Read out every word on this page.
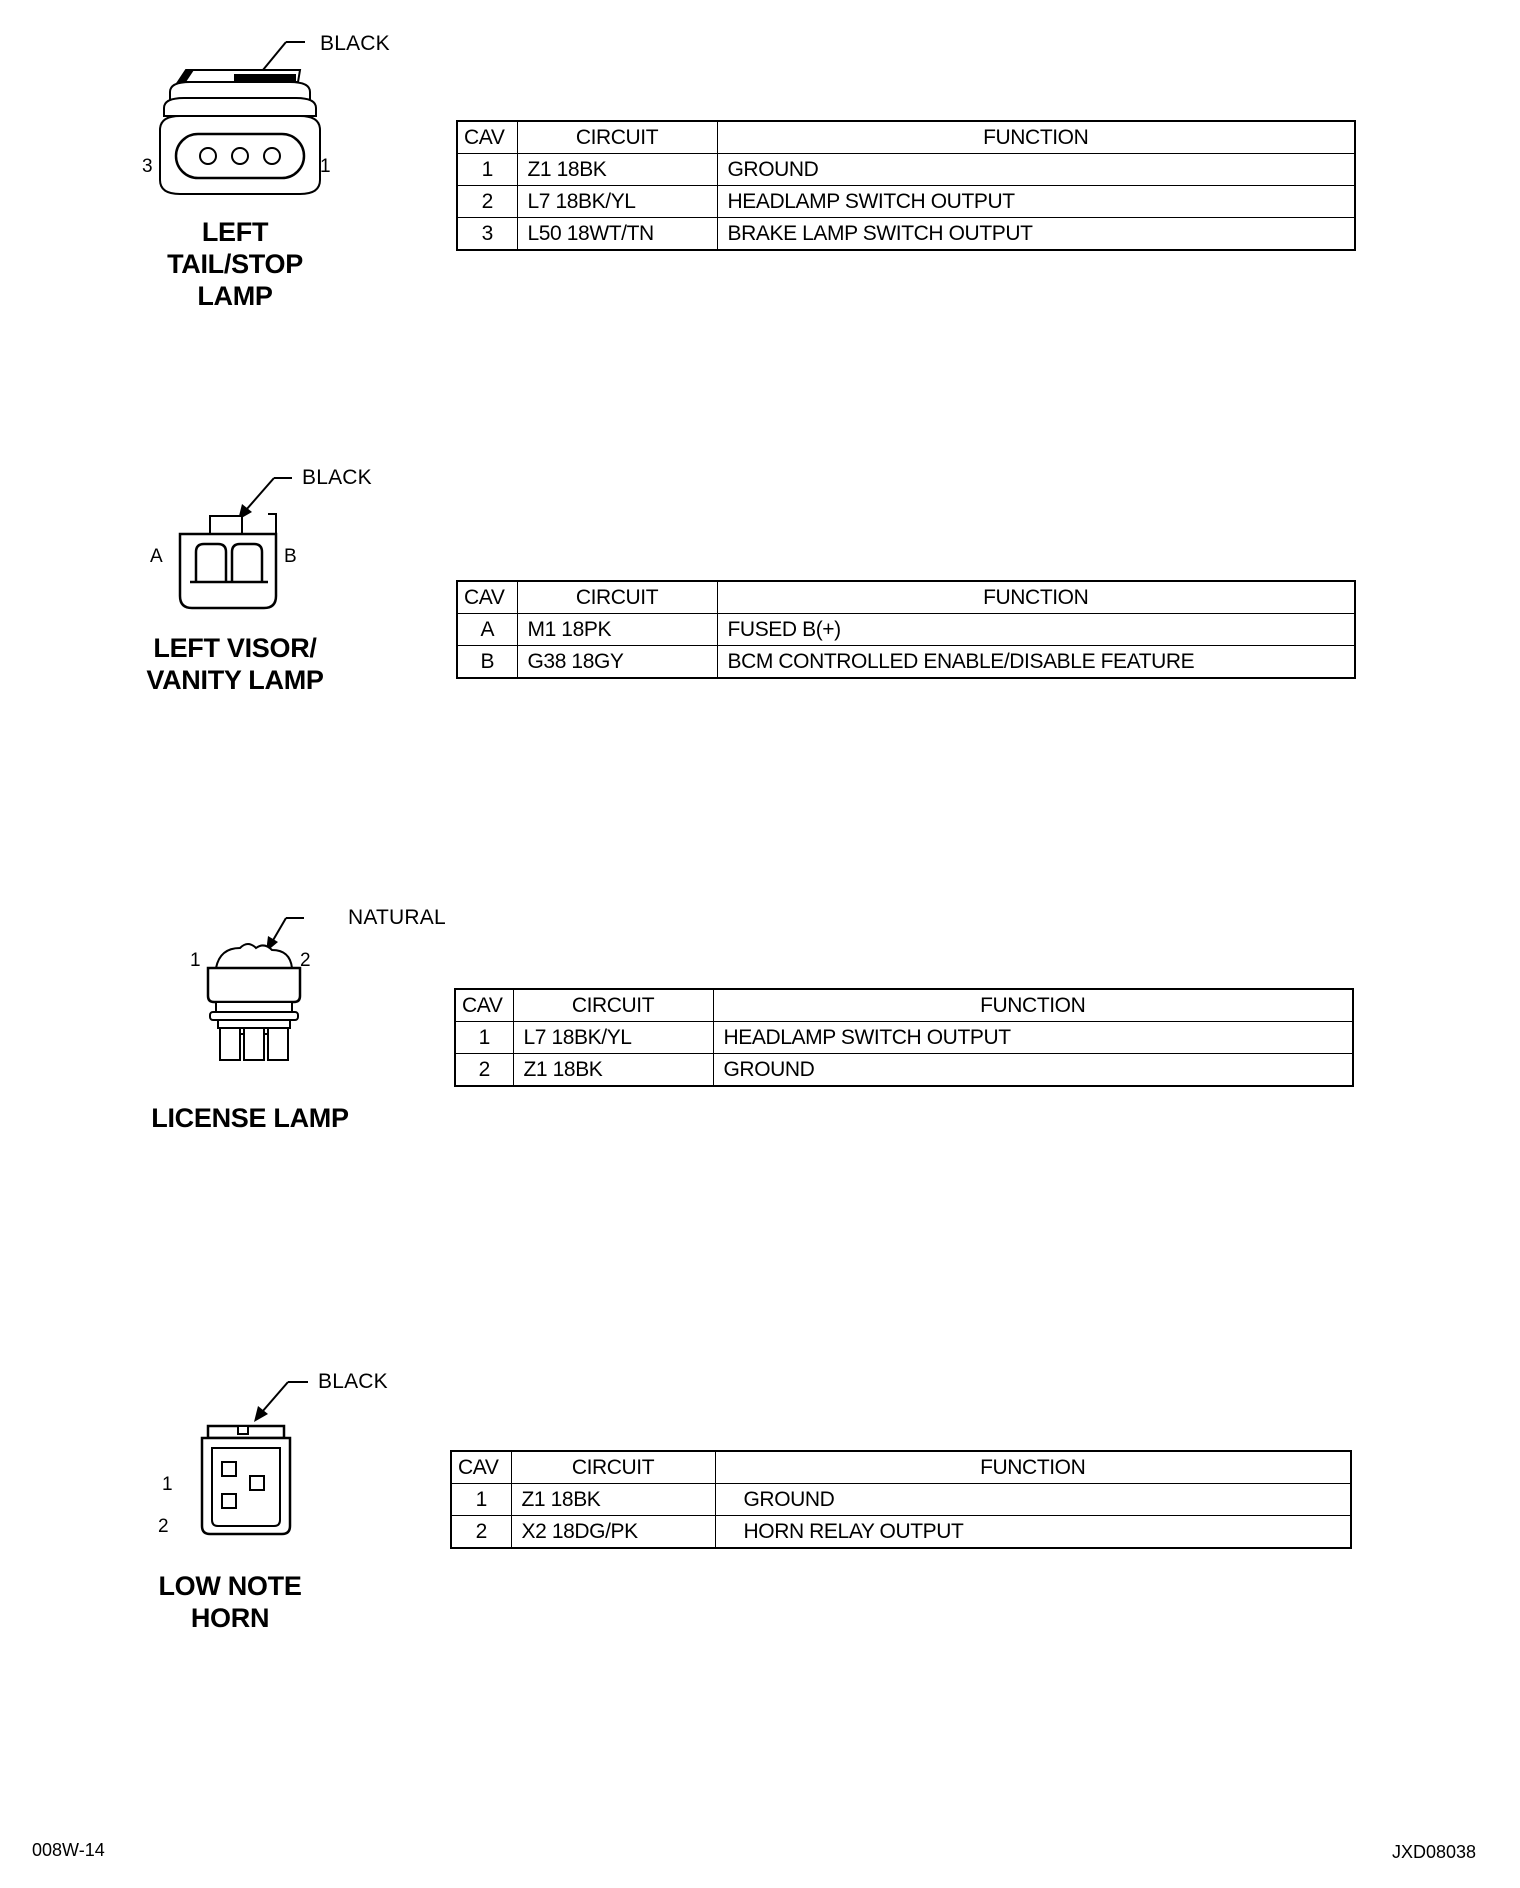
BLACK
3	1
LEFT
TAIL/STOP
LAMP
CAV	CIRCUIT	FUNCTION
1	Z1 18BK	GROUND
2	L7 18BK/YL	HEADLAMP SWITCH OUTPUT
3	L50 18WT/TN	BRAKE LAMP SWITCH OUTPUT
BLACK
A	B
LEFT VISOR/
VANITY LAMP
CAV	CIRCUIT	FUNCTION
A	M1 18PK	FUSED B(+)
B	G38 18GY	BCM CONTROLLED ENABLE/DISABLE FEATURE
NATURAL
1	2
LICENSE LAMP
CAV	CIRCUIT	FUNCTION
1	L7 18BK/YL	HEADLAMP SWITCH OUTPUT
2	Z1 18BK	GROUND
BLACK
1
2
LOW NOTE
HORN
CAV	CIRCUIT	FUNCTION
1	Z1 18BK	GROUND
2	X2 18DG/PK	HORN RELAY OUTPUT
008W-14	JXD08038
